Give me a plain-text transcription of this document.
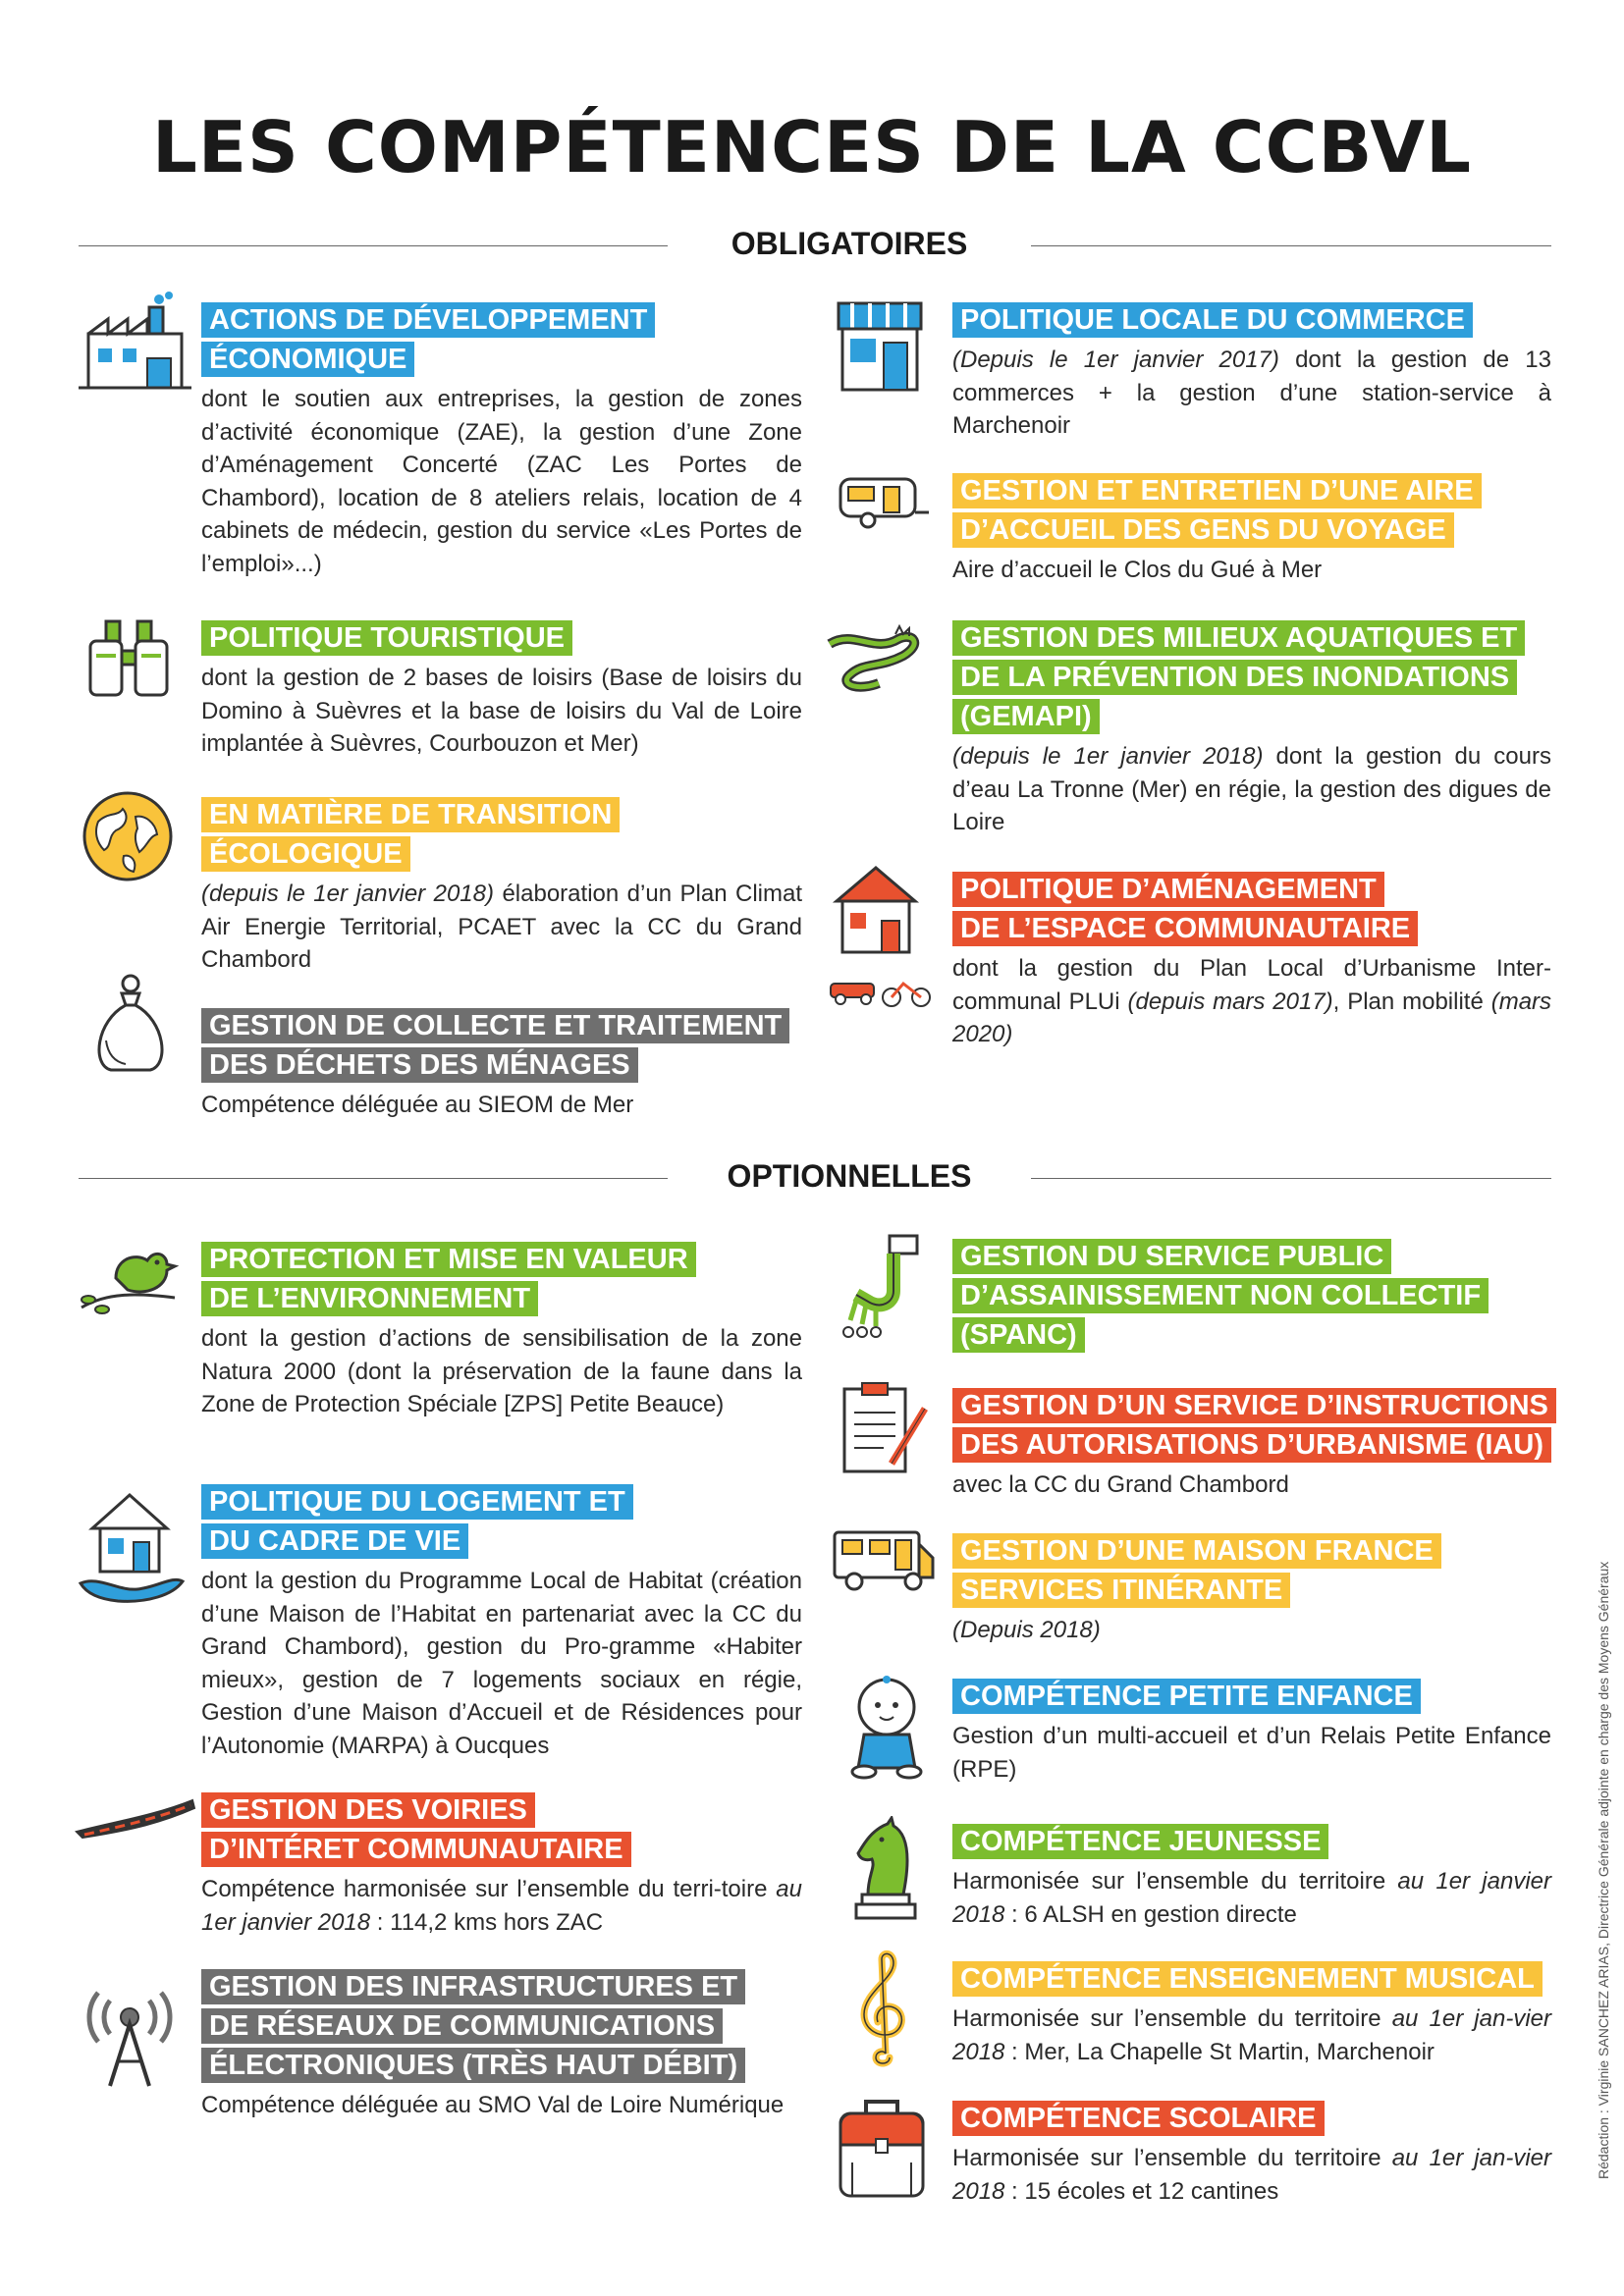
LES COMPÉTENCES DE LA CCBVL
OBLIGATOIRES
ACTIONS DE DÉVELOPPEMENT
ÉCONOMIQUE

dont le soutien aux entreprises, la gestion de zones d’activité économique (ZAE), la gestion d’une Zone d’Aménagement Concerté (ZAC Les Portes de Chambord), location de 8 ateliers relais, location de 4 cabinets de médecin, gestion du service «Les Portes de l’emploi»...)

POLITIQUE TOURISTIQUE

dont la gestion de 2 bases de loisirs (Base de loisirs du Domino à Suèvres et la base de loisirs du Val de Loire implantée à Suèvres, Courbouzon et Mer)

EN MATIÈRE DE TRANSITION
ÉCOLOGIQUE

(depuis le 1er janvier 2018) élaboration d’un Plan Climat Air Energie Territorial, PCAET avec la CC du Grand Chambord

GESTION DE COLLECTE ET TRAITEMENT
DES DÉCHETS DES MÉNAGES

Compétence déléguée au SIEOM de Mer

POLITIQUE LOCALE DU COMMERCE

(Depuis le 1er janvier 2017) dont la gestion de 13 commerces + la gestion d’une station-service à Marchenoir

GESTION ET ENTRETIEN D’UNE AIRE
D’ACCUEIL DES GENS DU VOYAGE

Aire d’accueil le Clos du Gué à Mer

GESTION DES MILIEUX AQUATIQUES ET
DE LA PRÉVENTION DES INONDATIONS
(GEMAPI)

(depuis le 1er janvier 2018) dont la gestion du cours d’eau La Tronne (Mer) en régie, la gestion des digues de Loire

POLITIQUE D’AMÉNAGEMENT
DE L’ESPACE COMMUNAUTAIRE

dont la gestion du Plan Local d’Urbanisme Inter-communal PLUi (depuis mars 2017), Plan mobilité (mars 2020)

OPTIONNELLES
PROTECTION ET MISE EN VALEUR
DE L’ENVIRONNEMENT

dont la gestion d’actions de sensibilisation de la zone Natura 2000 (dont la préservation de la faune dans la Zone de Protection Spéciale [ZPS] Petite Beauce)

POLITIQUE DU LOGEMENT ET
DU CADRE DE VIE

dont la gestion du Programme Local de Habitat (création d’une Maison de l’Habitat en partenariat avec la CC du Grand Chambord), gestion du Pro-gramme «Habiter mieux», gestion de 7 logements sociaux en régie, Gestion d’une Maison d’Accueil et de Résidences pour l’Autonomie (MARPA) à Oucques

GESTION DES VOIRIES
D’INTÉRET COMMUNAUTAIRE

Compétence harmonisée sur l’ensemble du terri-toire au 1er janvier 2018 : 114,2 kms hors ZAC

GESTION DES INFRASTRUCTURES ET
DE RÉSEAUX DE COMMUNICATIONS
ÉLECTRONIQUES (TRÈS HAUT DÉBIT)

Compétence déléguée au SMO Val de Loire Numérique

GESTION DU SERVICE PUBLIC
D’ASSAINISSEMENT NON COLLECTIF
(SPANC)
GESTION D’UN SERVICE D’INSTRUCTIONS
DES AUTORISATIONS D’URBANISME (IAU)

avec la CC du Grand Chambord

GESTION D’UNE MAISON FRANCE
SERVICES ITINÉRANTE

(Depuis 2018)

COMPÉTENCE PETITE ENFANCE

Gestion d’un multi-accueil et d’un Relais Petite Enfance (RPE)

COMPÉTENCE JEUNESSE

Harmonisée sur l’ensemble du territoire au 1er janvier 2018 : 6 ALSH en gestion directe

COMPÉTENCE ENSEIGNEMENT MUSICAL

Harmonisée sur l’ensemble du territoire au 1er jan-vier 2018 : Mer, La Chapelle St Martin, Marchenoir

COMPÉTENCE SCOLAIRE

Harmonisée sur l’ensemble du territoire au 1er jan-vier 2018 : 15 écoles et 12 cantines

Rédaction : Virginie SANCHEZ ARIAS, Directrice Générale adjointe en charge des Moyens Généraux
